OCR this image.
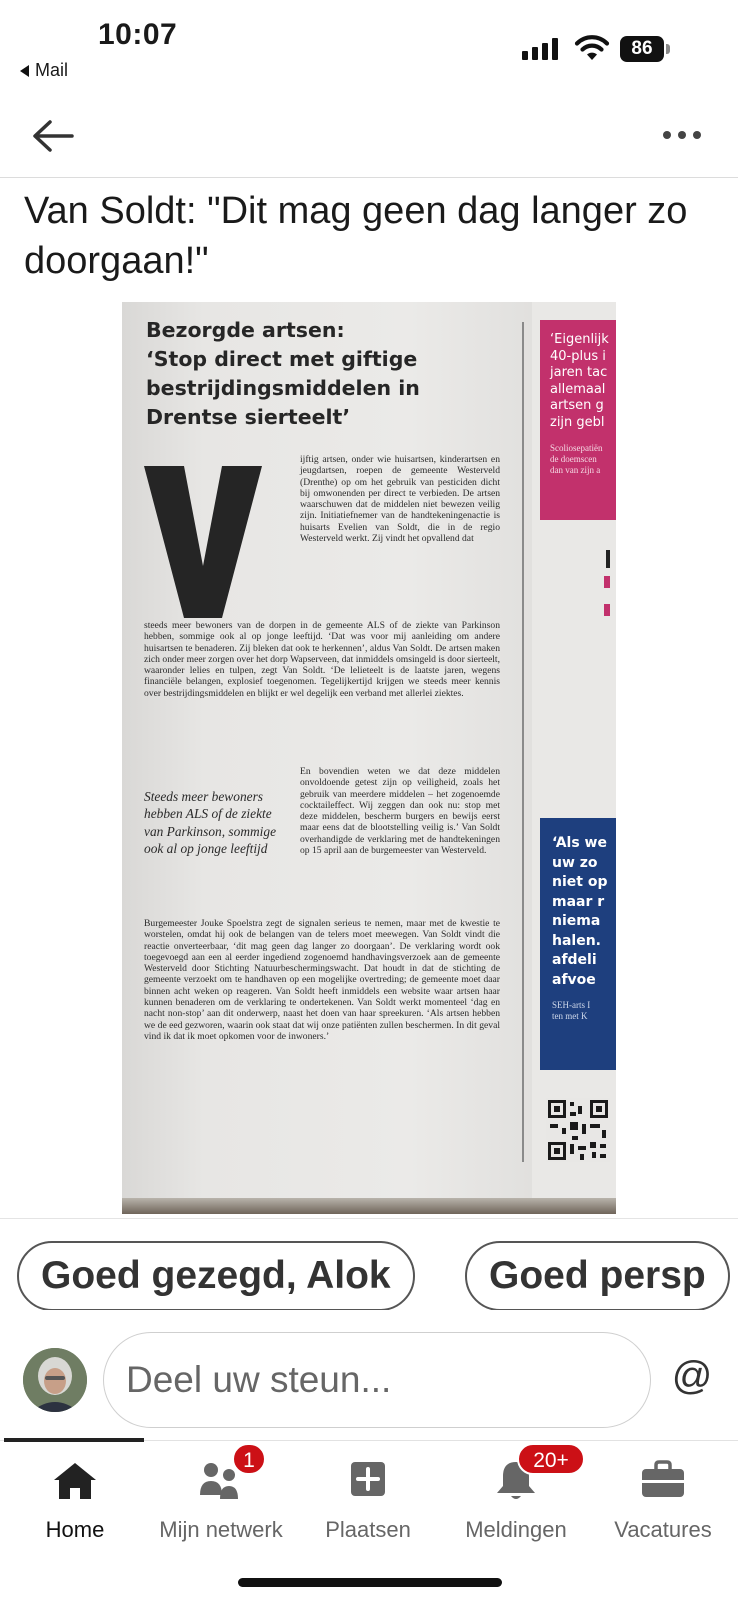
10:07
Mail
86
Van Soldt: "Dit mag geen dag langer zo doorgaan!"
Bezorgde artsen:
‘Stop direct met giftige
bestrijdingsmiddelen in
Drentse sierteelt’

ijftig artsen, onder wie huisartsen, kinderartsen en jeugdartsen, roepen de gemeente Westerveld (Drenthe) op om het gebruik van pesticiden dicht bij omwonenden per direct te verbieden. De artsen waarschuwen dat de middelen niet bewezen veilig zijn. Initiatiefnemer van de handtekeningenactie is huisarts Evelien van Soldt, die in de regio Westerveld werkt. Zij vindt het opvallend dat

steeds meer bewoners van de dorpen in de gemeente ALS of de ziekte van Parkinson hebben, sommige ook al op jonge leeftijd. ‘Dat was voor mij aanleiding om andere huisartsen te benaderen. Zij bleken dat ook te herkennen’, aldus Van Soldt. De artsen maken zich onder meer zorgen over het dorp Wapserveen, dat inmiddels omsingeld is door sierteelt, waaronder lelies en tulpen, zegt Van Soldt. ‘De lelieteelt is de laatste jaren, wegens financiële belangen, explosief toegenomen. Tegelijkertijd krijgen we steeds meer kennis over bestrijdingsmiddelen en blijkt er wel degelijk een verband met allerlei ziektes.

Steeds meer bewoners hebben ALS of de ziekte van Parkinson, sommige ook al op jonge leeftijd

En bovendien weten we dat deze middelen onvoldoende getest zijn op veiligheid, zoals het gebruik van meerdere middelen – het zogenoemde cocktaileffect. Wij zeggen dan ook nu: stop met deze middelen, bescherm burgers en bewijs eerst maar eens dat de blootstelling veilig is.’ Van Soldt overhandigde de verklaring met de handtekeningen op 15 april aan de burgemeester van Westerveld.

Burgemeester Jouke Spoelstra zegt de signalen serieus te nemen, maar met de kwestie te worstelen, omdat hij ook de belangen van de telers moet meewegen. Van Soldt vindt die reactie onverteerbaar, ‘dit mag geen dag langer zo doorgaan’. De verklaring wordt ook toegevoegd aan een al eerder ingediend zogenoemd handhavingsverzoek aan de gemeente Westerveld door Stichting Natuurbeschermingswacht. Dat houdt in dat de stichting de gemeente verzoekt om te handhaven op een mogelijke overtreding; de gemeente moet daar binnen acht weken op reageren. Van Soldt heeft inmiddels een website waar artsen haar kunnen benaderen om de verklaring te ondertekenen. Van Soldt werkt momenteel ‘dag en nacht non-stop’ aan dit onderwerp, naast het doen van haar spreekuren. ‘Als artsen hebben we de eed gezworen, waarin ook staat dat wij onze patiënten zullen beschermen. In dit geval vind ik dat ik moet opkomen voor de inwoners.’

‘Eigenlijk
40-plus i
jaren tac
allemaal
artsen g
zijn gebl
Scoliosepatiën
de doemscen
dan van zijn a
‘Als we
uw zo
niet op
maar r
niema
halen.
afdeli
afvoe
SEH-arts I
ten met K
Goed gezegd, Alok	Goed persp
Deel uw steun...
@
Home	Mijn netwerk
1
Plaatsen	Meldingen
20+
Vacatures
